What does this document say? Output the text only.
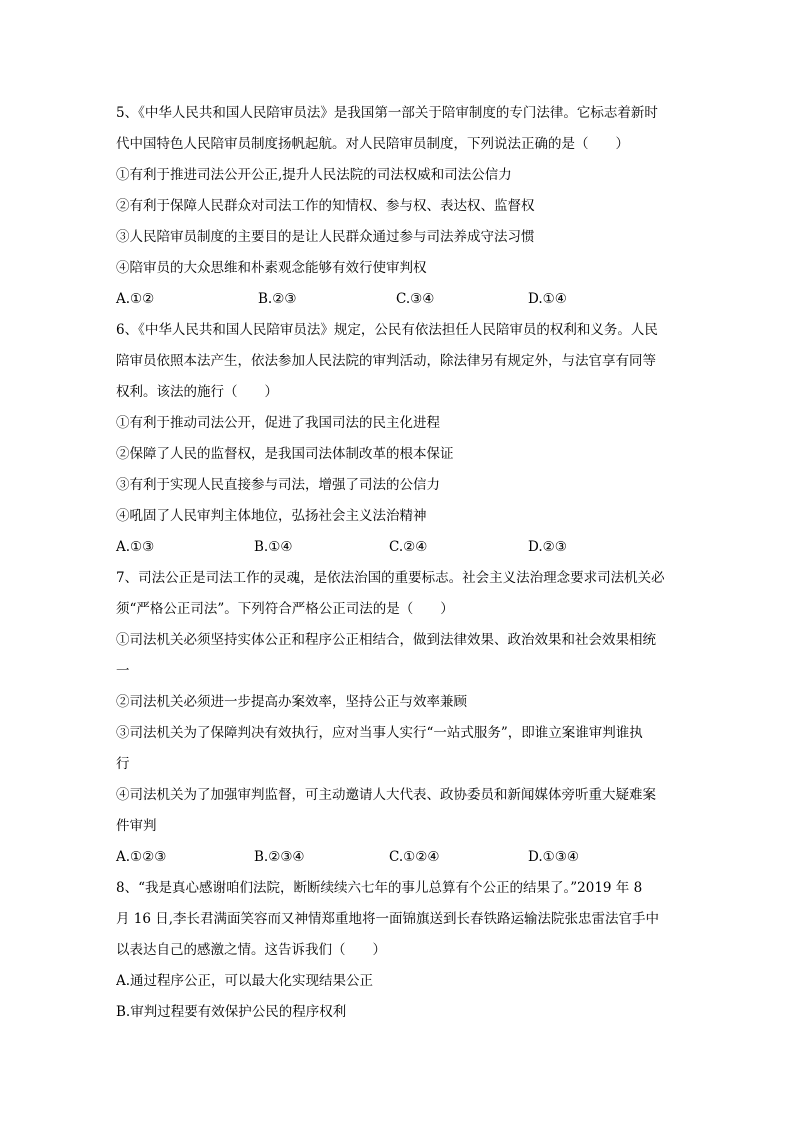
5、《中华人民共和国人民陪审员法》是我国第一部关于陪审制度的专门法律。它标志着新时
代中国特色人民陪审员制度扬帆起航。对人民陪审员制度，下列说法正确的是（　　）
①有利于推进司法公开公正,提升人民法院的司法权威和司法公信力
②有利于保障人民群众对司法工作的知情权、参与权、表达权、监督权
③人民陪审员制度的主要目的是让人民群众通过参与司法养成守法习惯
④陪审员的大众思维和朴素观念能够有效行使审判权
A.①②	B.②③	C.③④	D.①④
6、《中华人民共和国人民陪审员法》规定，公民有依法担任人民陪审员的权利和义务。人民
陪审员依照本法产生，依法参加人民法院的审判活动，除法律另有规定外，与法官享有同等
权利。该法的施行（　　）
①有利于推动司法公开，促进了我国司法的民主化进程
②保障了人民的监督权，是我国司法体制改革的根本保证
③有利于实现人民直接参与司法，增强了司法的公信力
④吼固了人民审判主体地位，弘扬社会主义法治精神
A.①③	B.①④	C.②④	D.②③
7、司法公正是司法工作的灵魂，是依法治国的重要标志。社会主义法治理念要求司法机关必
须“严格公正司法”。下列符合严格公正司法的是（　　）
①司法机关必须坚持实体公正和程序公正相结合，做到法律效果、政治效果和社会效果相统
一
②司法机关必须进一步提高办案效率，坚持公正与效率兼顾
③司法机关为了保障判决有效执行，应对当事人实行“一站式服务”，即谁立案谁审判谁执
行
④司法机关为了加强审判监督，可主动邀请人大代表、政协委员和新闻媒体旁听重大疑难案
件审判
A.①②③	B.②③④	C.①②④	D.①③④
8、“我是真心感谢咱们法院，断断续续六七年的事儿总算有个公正的结果了。”2019 年 8
月 16 日,李长君满面笑容而又神情郑重地将一面锦旗送到长春铁路运输法院张忠雷法官手中
以表达自己的感激之情。这告诉我们（　　）
A.通过程序公正，可以最大化实现结果公正
B.审判过程要有效保护公民的程序权利
